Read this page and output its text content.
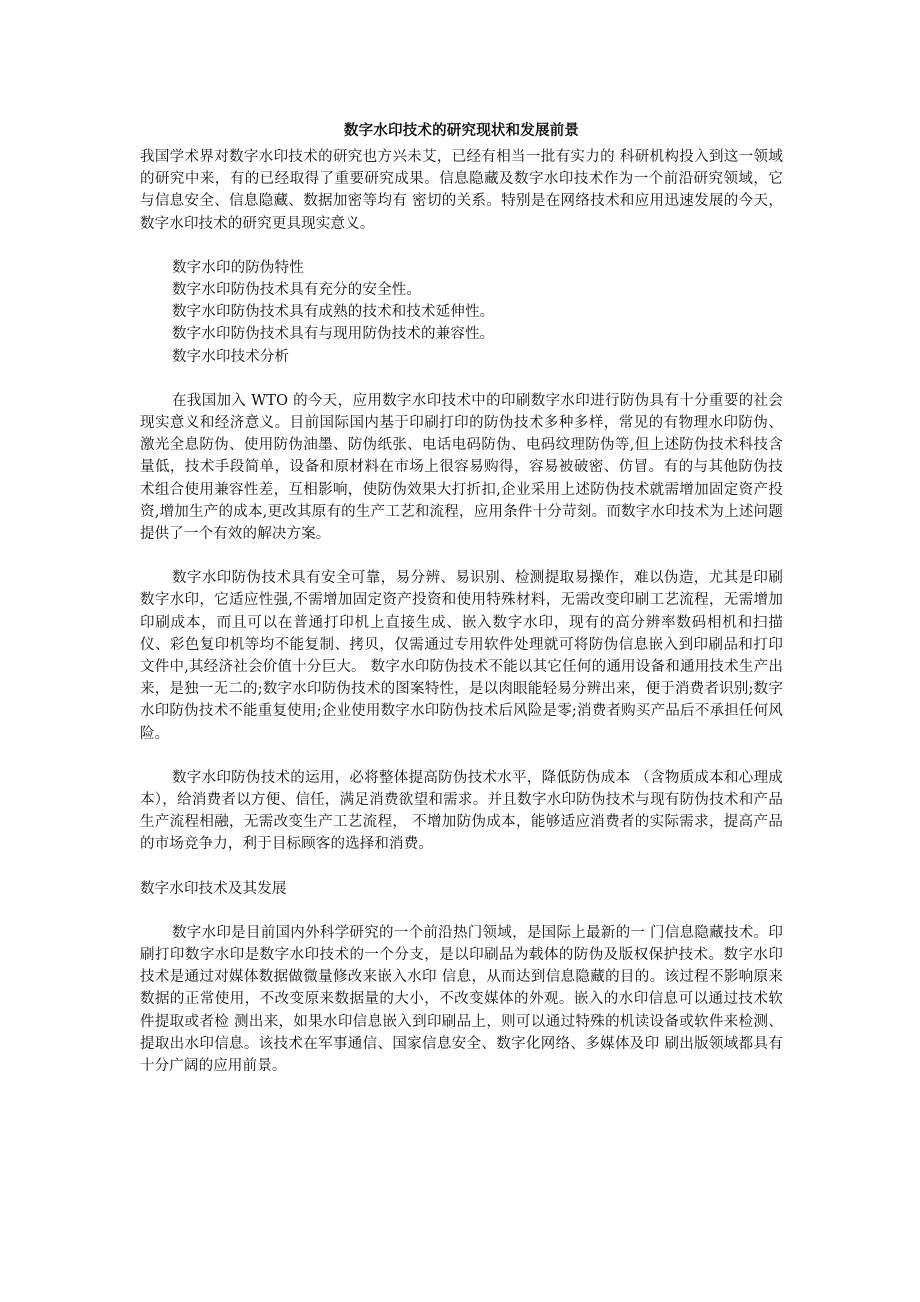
数字水印技术的研究现状和发展前景

我国学术界对数字水印技术的研究也方兴未艾，已经有相当一批有实力的 科研机构投入到这一领域的研究中来，有的已经取得了重要研究成果。信息隐藏及数字水印技术作为一个前沿研究领域，它与信息安全、信息隐藏、数据加密等均有 密切的关系。特别是在网络技术和应用迅速发展的今天，数字水印技术的研究更具现实意义。

数字水印的防伪特性

数字水印防伪技术具有充分的安全性。

数字水印防伪技术具有成熟的技术和技术延伸性。

数字水印防伪技术具有与现用防伪技术的兼容性。

数字水印技术分析

在我国加入 WTO 的今天，应用数字水印技术中的印刷数字水印进行防伪具有十分重要的社会现实意义和经济意义。目前国际国内基于印刷打印的防伪技术多种多样，常见的有物理水印防伪、激光全息防伪、使用防伪油墨、防伪纸张、电话电码防伪、电码纹理防伪等,但上述防伪技术科技含量低，技术手段简单，设备和原材料在市场上很容易购得，容易被破密、仿冒。有的与其他防伪技术组合使用兼容性差，互相影响，使防伪效果大打折扣,企业采用上述防伪技术就需增加固定资产投资,增加生产的成本,更改其原有的生产工艺和流程，应用条件十分苛刻。而数字水印技术为上述问题提供了一个有效的解决方案。

数字水印防伪技术具有安全可靠，易分辨、易识别、检测提取易操作，难以伪造，尤其是印刷数字水印，它适应性强,不需增加固定资产投资和使用特殊材料，无需改变印刷工艺流程，无需增加印刷成本，而且可以在普通打印机上直接生成、嵌入数字水印，现有的高分辨率数码相机和扫描仪、彩色复印机等均不能复制、拷贝，仅需通过专用软件处理就可将防伪信息嵌入到印刷品和打印文件中,其经济社会价值十分巨大。 数字水印防伪技术不能以其它任何的通用设备和通用技术生产出来，是独一无二的;数字水印防伪技术的图案特性，是以肉眼能轻易分辨出来，便于消费者识别;数字水印防伪技术不能重复使用;企业使用数字水印防伪技术后风险是零;消费者购买产品后不承担任何风险。

数字水印防伪技术的运用，必将整体提高防伪技术水平，降低防伪成本 （含物质成本和心理成本），给消费者以方便、信任，满足消费欲望和需求。并且数字水印防伪技术与现有防伪技术和产品生产流程相融，无需改变生产工艺流程， 不增加防伪成本，能够适应消费者的实际需求，提高产品的市场竞争力，利于目标顾客的选择和消费。

数字水印技术及其发展

数字水印是目前国内外科学研究的一个前沿热门领域，是国际上最新的一 门信息隐藏技术。印刷打印数字水印是数字水印技术的一个分支，是以印刷品为载体的防伪及版权保护技术。数字水印技术是通过对媒体数据做微量修改来嵌入水印 信息，从而达到信息隐藏的目的。该过程不影响原来数据的正常使用，不改变原来数据量的大小，不改变媒体的外观。嵌入的水印信息可以通过技术软件提取或者检 测出来，如果水印信息嵌入到印刷品上，则可以通过特殊的机读设备或软件来检测、提取出水印信息。该技术在军事通信、国家信息安全、数字化网络、多媒体及印 刷出版领域都具有十分广阔的应用前景。
